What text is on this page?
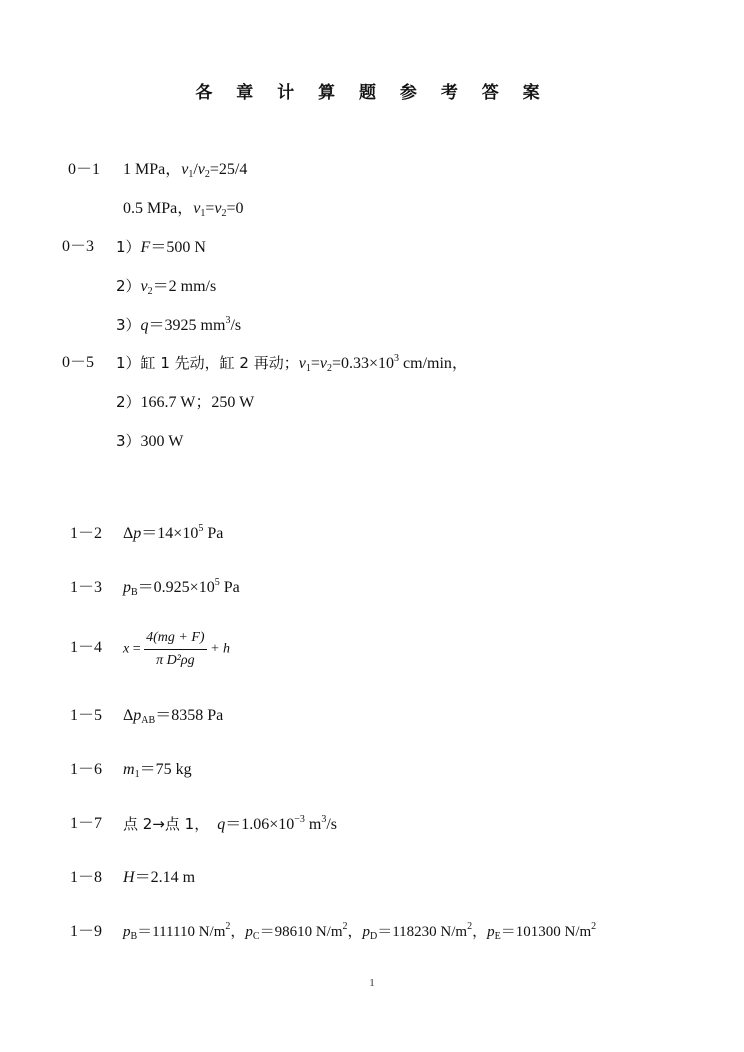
各 章 计 算 题 参 考 答 案
0－1	1 MPa，$v_1/v_2=25/4$
0.5 MPa，$v_1=v_2=0$
0－3	1）F＝500 N
$2)v_2=2$ mm/s
3）q＝3925 $mm^3/s$
0－5	1）缸 1 先动，缸 2 再动；$v_1=v_2=0.33\times 10^3$ cm/min，
2）166.7 W；250 W
3）300 W
1－2	$\Delta p=14\times 10^5$ Pa
1－3	$p_B=0.925\times 10^5$ Pa
1－4	$x = \frac{4(mg + F)}{\text{π D²ρg}} + h$
1－5	$\Delta p_{AB}=8358$ Pa
1－6	$m_1=75$ kg
1－7	点 2→点 1， $q=1.06\times 10^{-3}$ $m^3/s$
1－8	H＝2.14 m
1－9	$p_B=111110$ $N/m^2$，$p_C=98610$ $N/m^2$，$p_D=118230$ $N/m^2$，$p_E=101300$ $N/m^2$
1
